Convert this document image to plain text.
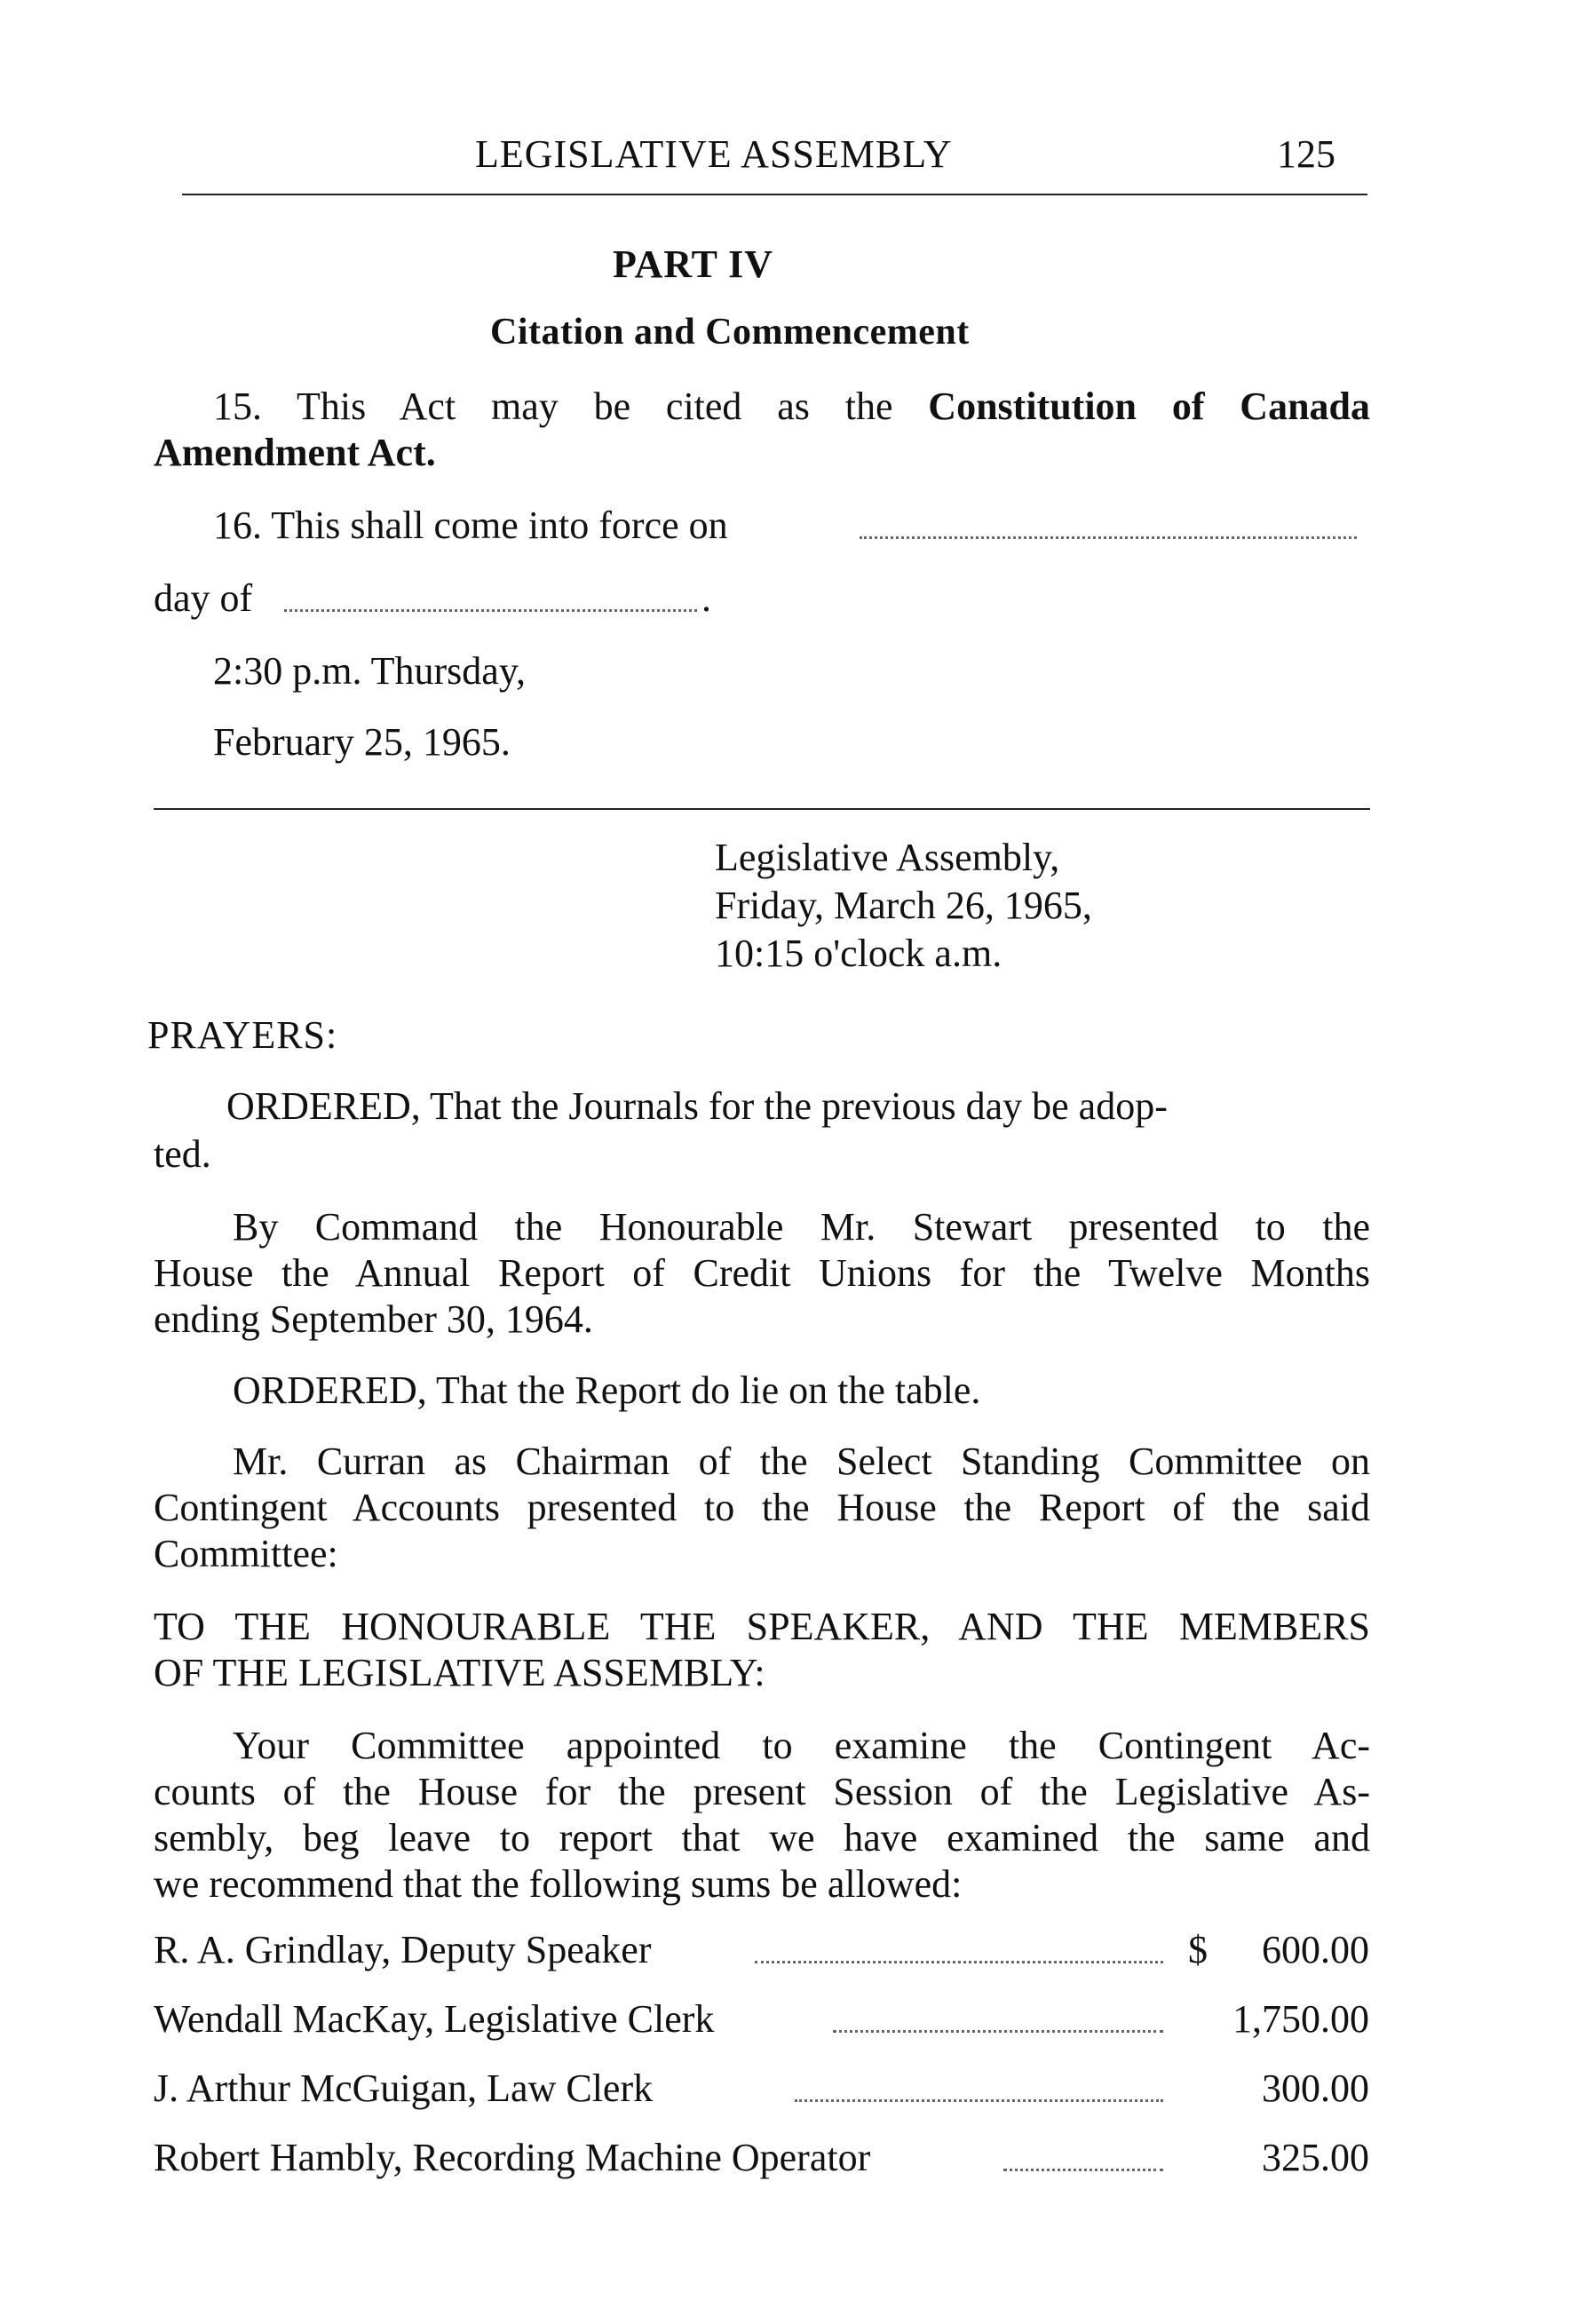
LEGISLATIVE ASSEMBLY	125
PART IV
Citation and Commencement
15. This Act may be cited as the Constitution of Canada
Amendment Act.
16. This shall come into force on
day of	.
2:30 p.m. Thursday,
February 25, 1965.
Legislative Assembly,
Friday, March 26, 1965,
10:15 o'clock a.m.
PRAYERS:
ORDERED, That the Journals for the previous day be adop-
ted.
By Command the Honourable Mr. Stewart presented to the
House the Annual Report of Credit Unions for the Twelve Months
ending September 30, 1964.
ORDERED, That the Report do lie on the table.
Mr. Curran as Chairman of the Select Standing Committee on
Contingent Accounts presented to the House the Report of the said
Committee:
TO THE HONOURABLE THE SPEAKER, AND THE MEMBERS
OF THE LEGISLATIVE ASSEMBLY:
Your Committee appointed to examine the Contingent Ac-
counts of the House for the present Session of the Legislative As-
sembly, beg leave to report that we have examined the same and
we recommend that the following sums be allowed:
R. A. Grindlay, Deputy Speaker	$ 600.00
Wendall MacKay, Legislative Clerk	1,750.00
J. Arthur McGuigan, Law Clerk	300.00
Robert Hambly, Recording Machine Operator	325.00
